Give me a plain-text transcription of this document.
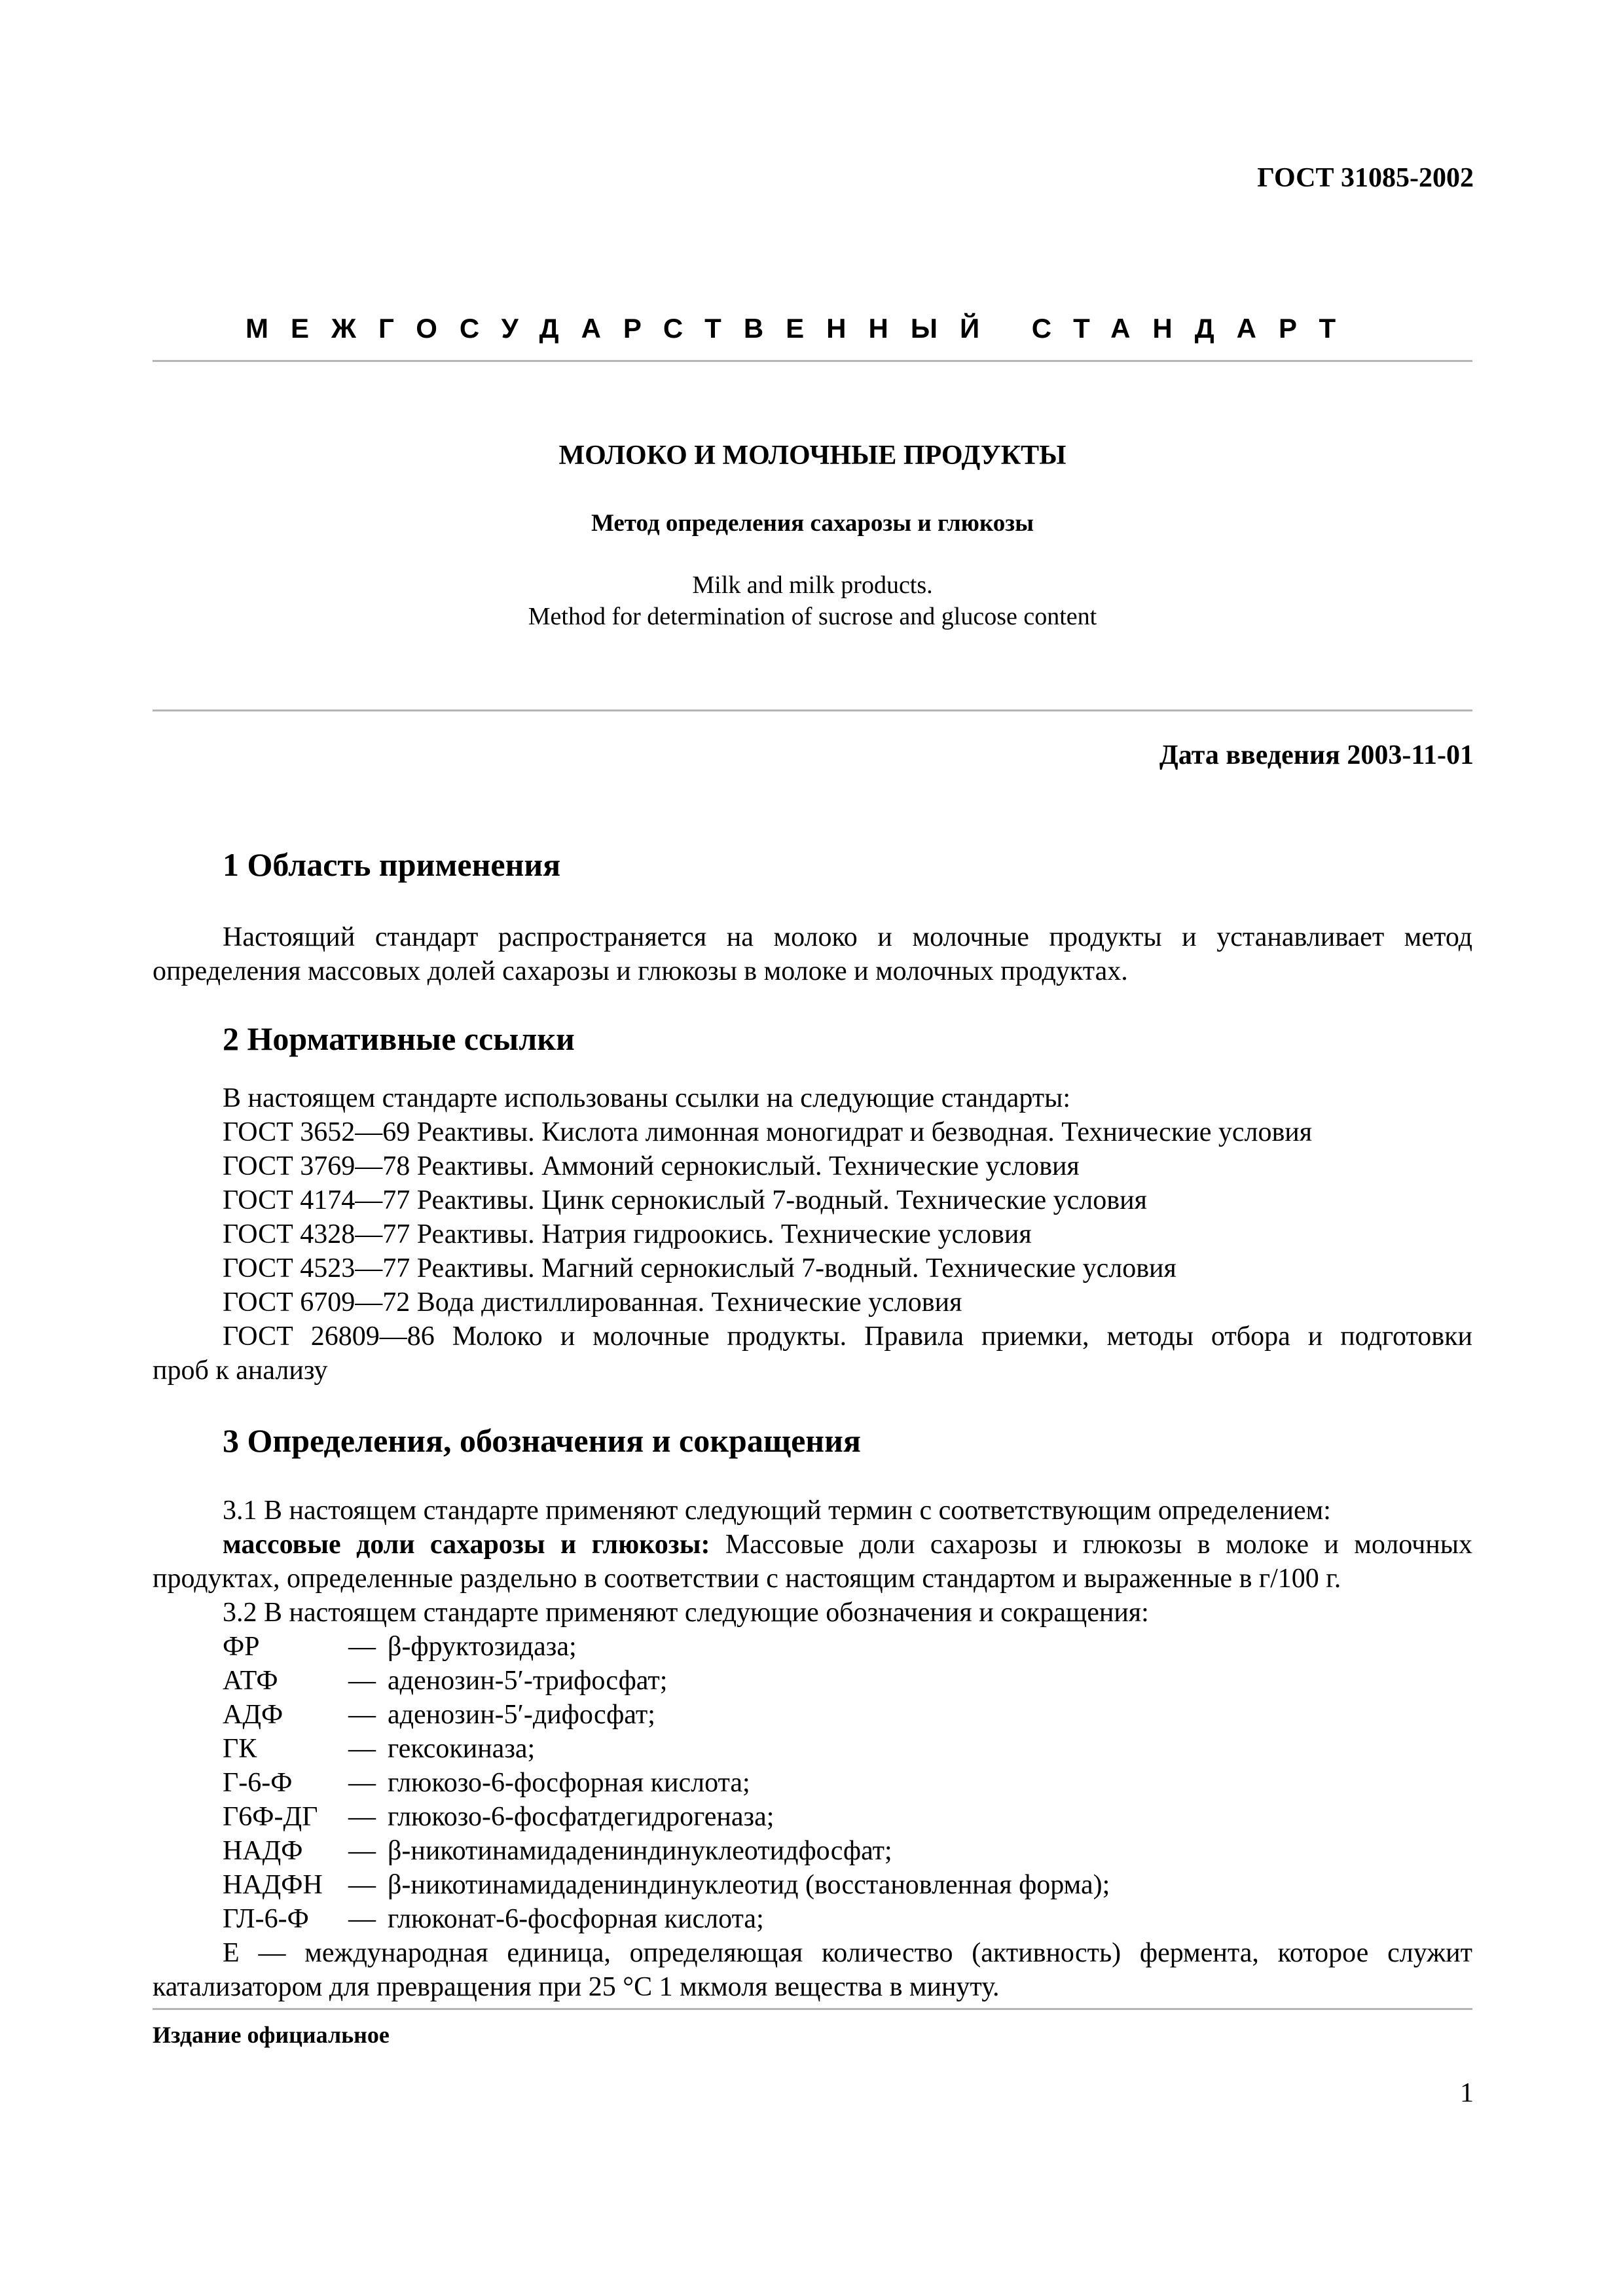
ГОСТ 31085-2002
МЕЖГОСУДАРСТВЕННЫЙ СТАНДАРТ
МОЛОКО И МОЛОЧНЫЕ ПРОДУКТЫ
Метод определения сахарозы и глюкозы
Milk and milk products.
Method for determination of sucrose and glucose content
Дата введения 2003-11-01
1 Область применения
Настоящий стандарт распространяется на молоко и молочные продукты и устанавливает метод
определения массовых долей сахарозы и глюкозы в молоке и молочных продуктах.
2 Нормативные ссылки
В настоящем стандарте использованы ссылки на следующие стандарты:
ГОСТ 3652—69 Реактивы. Кислота лимонная моногидрат и безводная. Технические условия
ГОСТ 3769—78 Реактивы. Аммоний сернокислый. Технические условия
ГОСТ 4174—77 Реактивы. Цинк сернокислый 7-водный. Технические условия
ГОСТ 4328—77 Реактивы. Натрия гидроокись. Технические условия
ГОСТ 4523—77 Реактивы. Магний сернокислый 7-водный. Технические условия
ГОСТ 6709—72 Вода дистиллированная. Технические условия
ГОСТ 26809—86 Молоко и молочные продукты. Правила приемки, методы отбора и подготовки
проб к анализу
3 Определения, обозначения и сокращения
3.1 В настоящем стандарте применяют следующий термин с соответствующим определением:
массовые доли сахарозы и глюкозы: Массовые доли сахарозы и глюкозы в молоке и молочных
продуктах, определенные раздельно в соответствии с настоящим стандартом и выраженные в г/100 г.
3.2 В настоящем стандарте применяют следующие обозначения и сокращения:
ФР	— β-фруктозидаза;
АТФ	— аденозин-5′-трифосфат;
АДФ — аденозин-5′-дифосфат;
ГК	— гексокиназа;
Г-6-Ф — глюкозо-6-фосфорная кислота;
Г6Ф-ДГ — глюкозо-6-фосфатдегидрогеназа;
НАДФ — β-никотинамидадениндинуклеотидфосфат;
НАДФН — β-никотинамидадениндинуклеотид (восстановленная форма);
ГЛ-6-Ф — глюконат-6-фосфорная кислота;
Е — международная единица, определяющая количество (активность) фермента, которое служит
катализатором для превращения при 25 °С 1 мкмоля вещества в минуту.
Издание официальное
1
